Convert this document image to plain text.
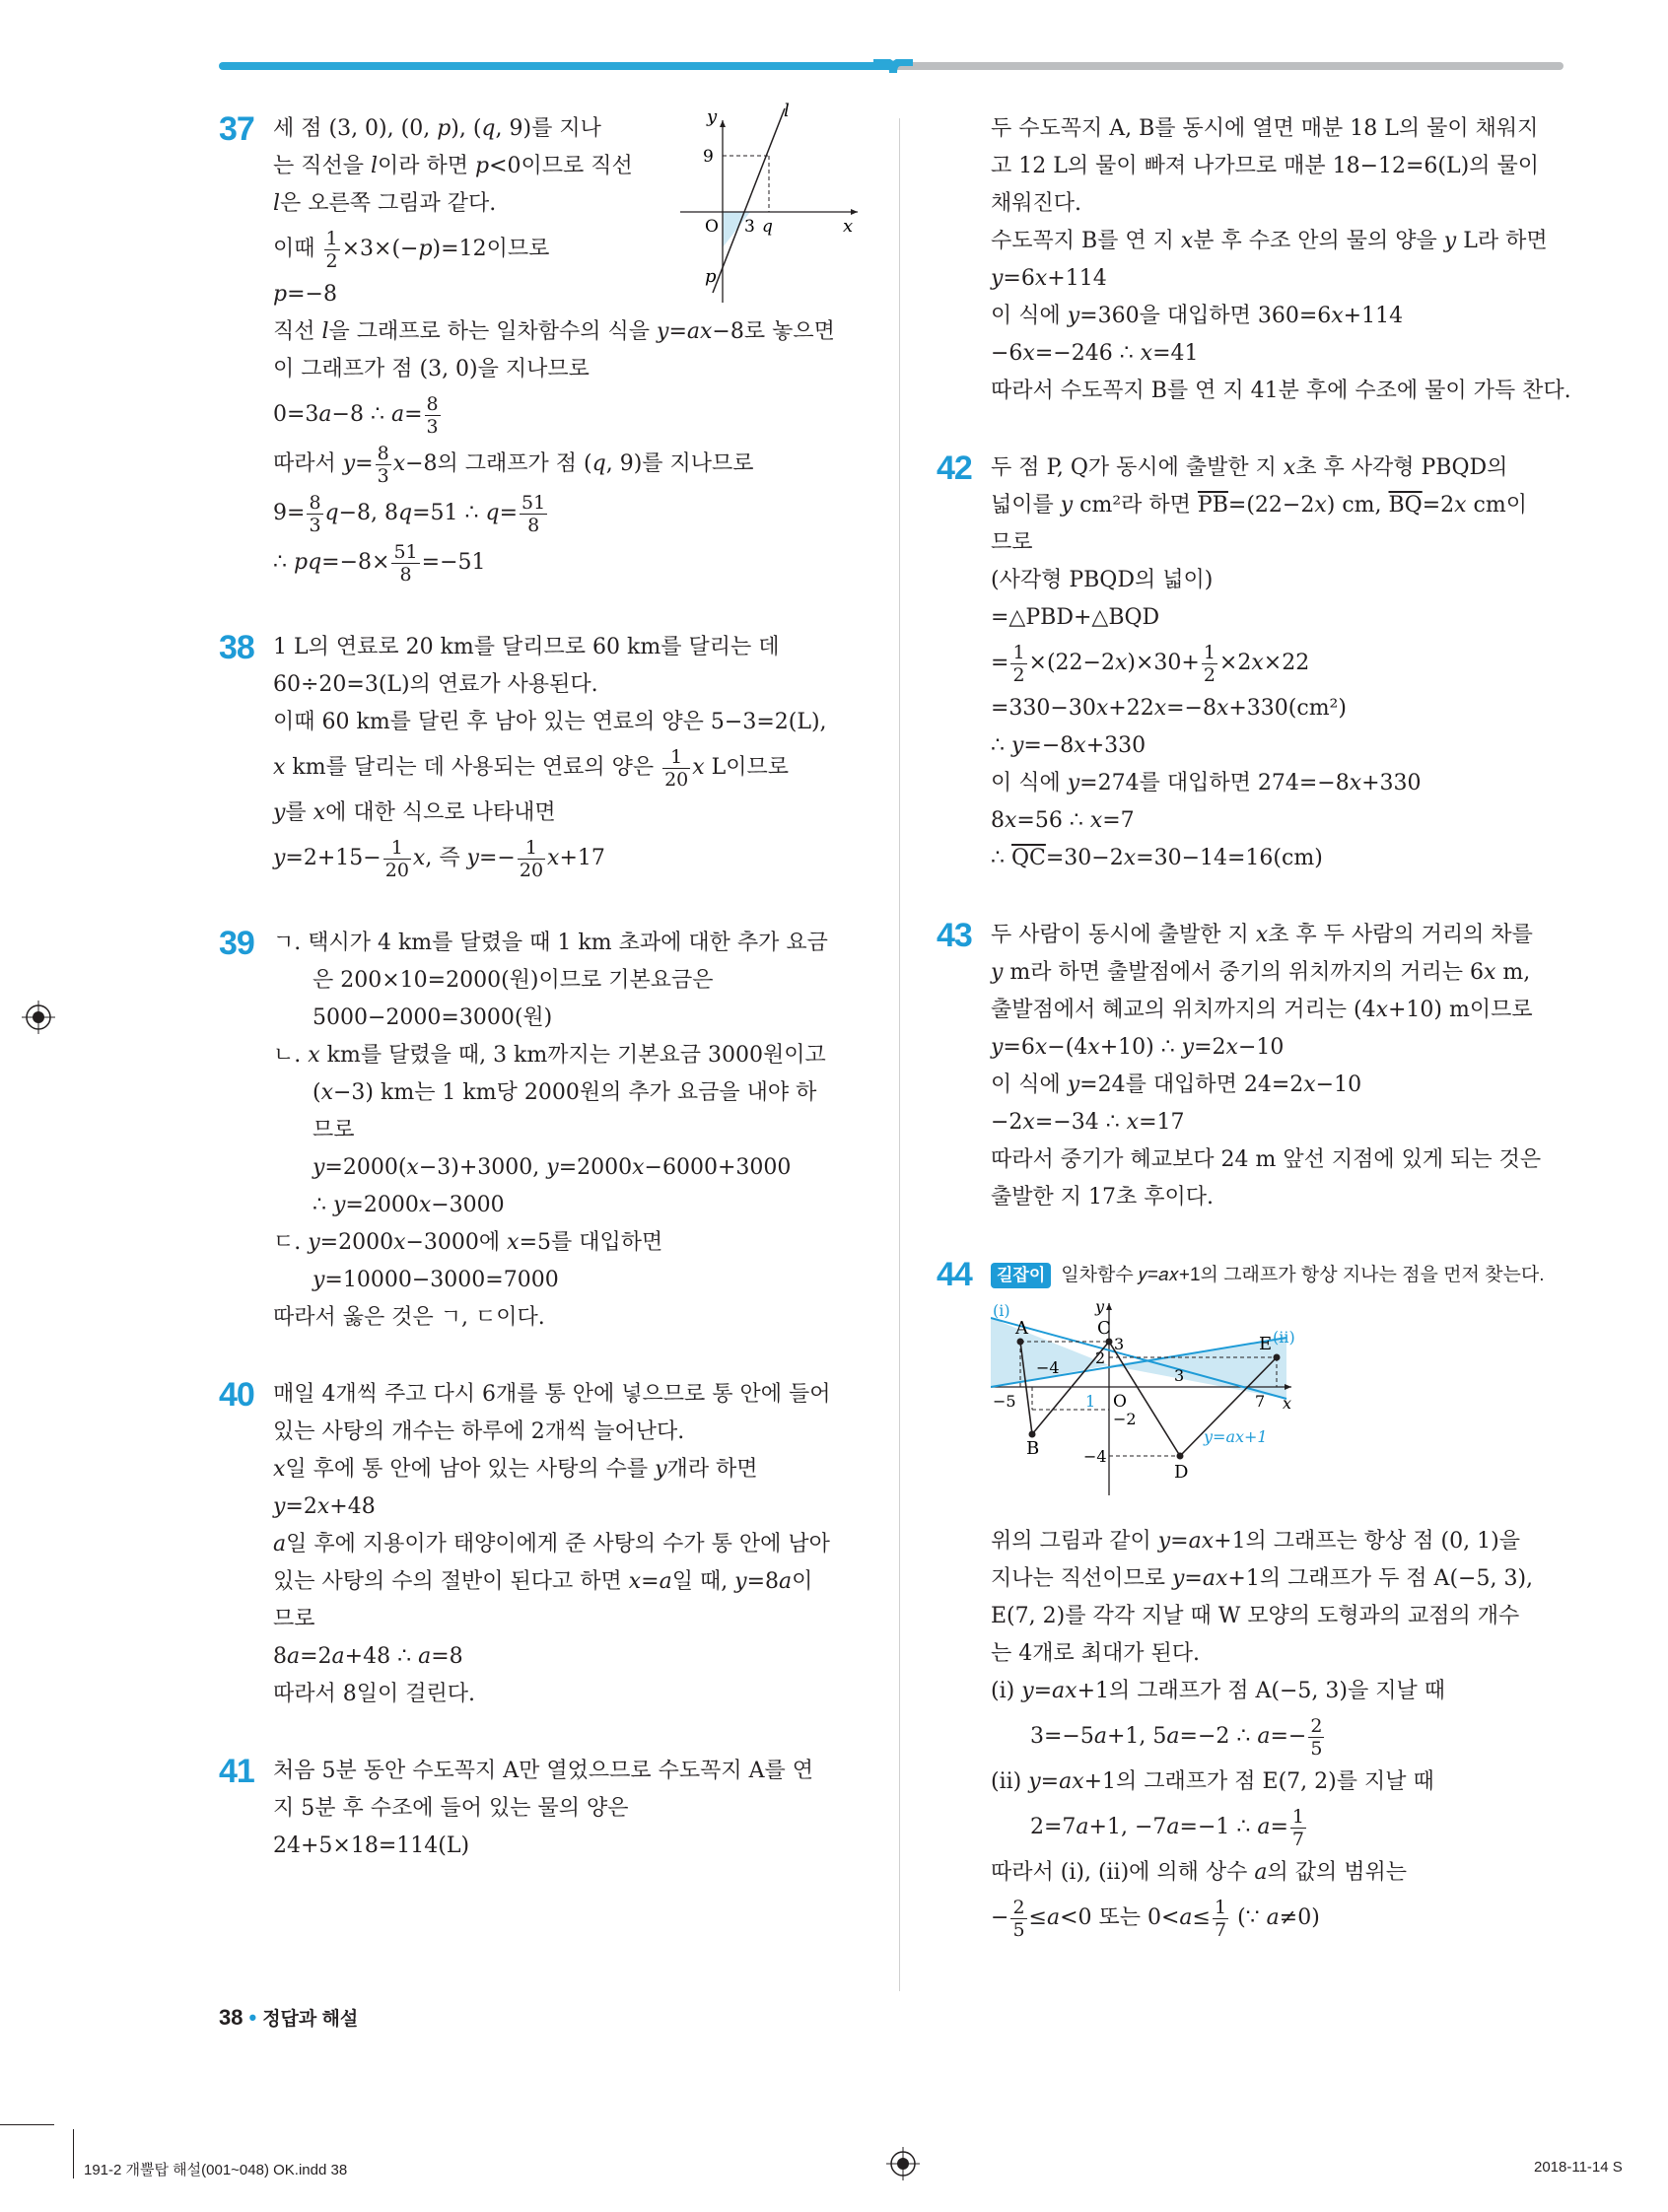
37	y	l
9
O 3 q	x
p
세 점 (3, 0), (0, 𝑝), (𝑞, 9)를 지나
는 직선을 𝑙이라 하면 𝑝<0이므로 직선
𝑙은 오른쪽 그림과 같다.
이때 $\frac{1}{2}$ ×3×(−𝑝)=12이므로
𝑝=−8
직선 𝑙을 그래프로 하는 일차함수의 식을 𝑦=𝑎𝑥−8로 놓으면
이 그래프가 점 (3, 0)을 지나므로
0=3𝑎−8 ∴ 𝑎= $\frac{8}{3}$
따라서 𝑦= $\frac{8}{3}$ 𝑥−8의 그래프가 점 (𝑞, 9)를 지나므로
$9= \frac{8}{3}$ 𝑞−8, 8𝑞=51 ∴ 𝑞= $\frac{51}{8}$
∴ 𝑝𝑞=−8× $\frac{51}{8} =-51$
38 1 L의 연료로 20 km를 달리므로 60 km를 달리는 데
60÷20=3(L)의 연료가 사용된다.
이때 60 km를 달린 후 남아 있는 연료의 양은 5−3=2(L),
𝑥 km를 달리는 데 사용되는 연료의 양은 $\frac{1}{20}$ 𝑥 L이므로
𝑦를 𝑥에 대한 식으로 나타내면
𝑦=2+15− $\frac{1}{20}$ 𝑥, 즉 𝑦=− $\frac{1}{20}$ 𝑥+17
39 ㄱ. 택시가 4 km를 달렸을 때 1 km 초과에 대한 추가 요금
은 200×10=2000(원)이므로 기본요금은
5000−2000=3000(원)
ㄴ. 𝑥 km를 달렸을 때, 3 km까지는 기본요금 3000원이고
(𝑥−3) km는 1 km당 2000원의 추가 요금을 내야 하
므로
𝑦=2000(𝑥−3)+3000, 𝑦=2000𝑥−6000+3000
∴ 𝑦=2000𝑥−3000
ㄷ. 𝑦=2000𝑥−3000에 𝑥=5를 대입하면
𝑦=10000−3000=7000
따라서 옳은 것은 ㄱ, ㄷ이다.
40 매일 4개씩 주고 다시 6개를 통 안에 넣으므로 통 안에 들어
있는 사탕의 개수는 하루에 2개씩 늘어난다.
𝑥일 후에 통 안에 남아 있는 사탕의 수를 𝑦개라 하면
𝑦=2𝑥+48
𝑎일 후에 지용이가 태양이에게 준 사탕의 수가 통 안에 남아
있는 사탕의 수의 절반이 된다고 하면 𝑥=𝑎일 때, 𝑦=8𝑎이
므로
8𝑎=2𝑎+48 ∴ 𝑎=8
따라서 8일이 걸린다.
41 처음 5분 동안 수도꼭지 A만 열었으므로 수도꼭지 A를 연
지 5분 후 수조에 들어 있는 물의 양은
24+5×18=114(L)
두 수도꼭지 A, B를 동시에 열면 매분 18 L의 물이 채워지
고 12 L의 물이 빠져 나가므로 매분 18−12=6(L)의 물이
채워진다.
수도꼭지 B를 연 지 𝑥분 후 수조 안의 물의 양을 𝑦 L라 하면
𝑦=6𝑥+114
이 식에 𝑦=360을 대입하면 360=6𝑥+114
−6𝑥=−246 ∴ 𝑥=41
따라서 수도꼭지 B를 연 지 41분 후에 수조에 물이 가득 찬다.
42 두 점 P, Q가 동시에 출발한 지 𝑥초 후 사각형 PBQD의
넓이를 𝑦 cm²라 하면 $\overline{PB}=(22-2𝑥)$ cm, $\overline{BQ}=2𝑥$ cm이
므로
(사각형 PBQD의 넓이)
=△PBD+△BQD
= $\frac{1}{2}$ ×(22−2𝑥)×30+ $\frac{1}{2}$ ×2𝑥×22
=330−30𝑥+22𝑥=−8𝑥+330(cm²)
∴ 𝑦=−8𝑥+330
이 식에 𝑦=274를 대입하면 274=−8𝑥+330
8𝑥=56 ∴ 𝑥=7
∴ $\overline{QC}=30-2𝑥=30-14=16(cm)$
43 두 사람이 동시에 출발한 지 𝑥초 후 두 사람의 거리의 차를
𝑦 m라 하면 출발점에서 중기의 위치까지의 거리는 6𝑥 m,
출발점에서 혜교의 위치까지의 거리는 (4𝑥+10) m이므로
𝑦=6𝑥−(4𝑥+10) ∴ 𝑦=2𝑥−10
이 식에 𝑦=24를 대입하면 24=2𝑥−10
−2𝑥=−34 ∴ 𝑥=17
따라서 중기가 혜교보다 24 m 앞선 지점에 있게 되는 것은
출발한 지 17초 후이다.
44	길잡이 일차함수 𝑦=𝑎𝑥+1의 그래프가 항상 지나는 점을 먼저 찾는다.
(i)
A
B
C
D
E (ii)
y
x
O
−4
−5
3
2
1
3
7
−2
−4
y=ax+1
위의 그림과 같이 𝑦=𝑎𝑥+1의 그래프는 항상 점 (0, 1)을
지나는 직선이므로 𝑦=𝑎𝑥+1의 그래프가 두 점 A(−5, 3),
E(7, 2)를 각각 지날 때 W 모양의 도형과의 교점의 개수
는 4개로 최대가 된다.
(i) 𝑦=𝑎𝑥+1의 그래프가 점 A(−5, 3)을 지날 때
3=−5𝑎+1, 5𝑎=−2 ∴ 𝑎=− $\frac{2}{5}$
(ii) 𝑦=𝑎𝑥+1의 그래프가 점 E(7, 2)를 지날 때
2=7𝑎+1, −7𝑎=−1 ∴ 𝑎= $\frac{1}{7}$
따라서 (i), (ii)에 의해 상수 𝑎의 값의 범위는
− $\frac{2}{5}$ ≤𝑎<0 또는 0<𝑎≤ $\frac{1}{7}$ (∵ 𝑎≠0)
38 • 정답과 해설
191-2 개뿔탑 해설(001~048) OK.indd 38	2018-11-14 S
